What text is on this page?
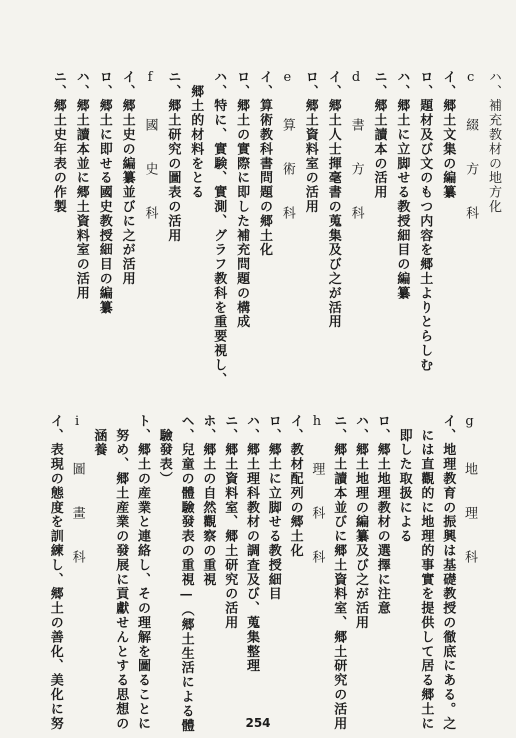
ハ、補充教材の地方化
c 綴　方　科
イ、郷土文集の編纂
ロ、題材及び文のもつ内容を郷土よりとらしむ
ハ、郷土に立脚せる教授細目の編纂
ニ、郷土讀本の活用
d 書　方　科
イ、郷土人士揮毫書の蒐集及び之が活用
ロ、郷土資料室の活用
e 算　術　科
イ、算術教科書問題の郷土化
ロ、郷土の實際に即した補充問題の構成
ハ、特に、實験、實測、グラフ教科を重要視し、
　郷土的材料をとる
ニ、郷土研究の圖表の活用
f 國　史　科
イ、郷土史の編纂並びに之が活用
ロ、郷土に即せる國史教授細目の編纂
ハ、郷土讀本並に郷土資料室の活用
ニ、郷土史年表の作製
g 地　理　科
イ、地理教育の振興は基礎教授の徹底にある。之
　には直觀的に地理的事實を提供して居る郷土に
　即した取扱による
ロ、郷土地理教材の選擇に注意
ハ、郷土地理の編纂及び之が活用
ニ、郷土讀本並びに郷土資料室、郷土研究の活用
h 理　科　科
イ、教材配列の郷土化
ロ、郷土に立脚せる教授細目
ハ、郷土理科教材の調査及び、蒐集整理
ニ、郷土資料室、郷土研究の活用
ホ、郷土の自然觀察の重視
ヘ、兒童の體驗發表の重視—（郷土生活による體
　驗發表）
ト、郷土の産業と連絡し、その理解を圖ることに
　努め、郷土産業の發展に貢獻せんとする思想の
　涵養
i 圖　畫　科
イ、表現の態度を訓練し、郷土の善化、美化に努	254
